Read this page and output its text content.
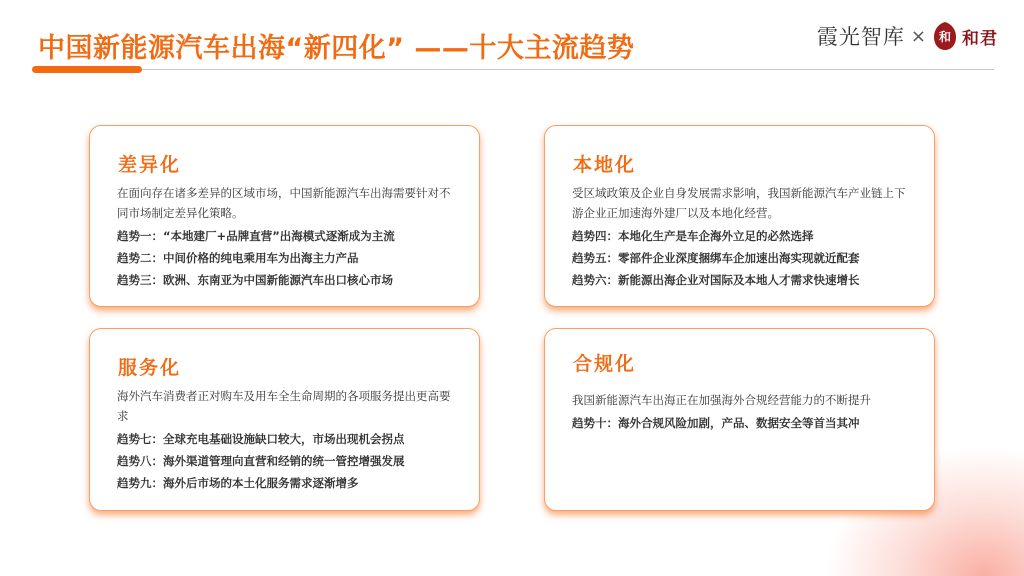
中国新能源汽车出海“新四化” ——十大主流趋势	霞光智库 × 和 和君
差异化

在面向存在诸多差异的区域市场，中国新能源汽车出海需要针对不同市场制定差异化策略。

趋势一：“本地建厂+品牌直营”出海模式逐渐成为主流

趋势二：中间价格的纯电乘用车为出海主力产品

趋势三：欧洲、东南亚为中国新能源汽车出口核心市场

本地化

受区域政策及企业自身发展需求影响，我国新能源汽车产业链上下游企业正加速海外建厂以及本地化经营。

趋势四：本地化生产是车企海外立足的必然选择

趋势五：零部件企业深度捆绑车企加速出海实现就近配套

趋势六：新能源出海企业对国际及本地人才需求快速增长

服务化

海外汽车消费者正对购车及用车全生命周期的各项服务提出更高要求

趋势七：全球充电基础设施缺口较大，市场出现机会拐点

趋势八：海外渠道管理向直营和经销的统一管控增强发展

趋势九：海外后市场的本土化服务需求逐渐增多

合规化

我国新能源汽车出海正在加强海外合规经营能力的不断提升

趋势十：海外合规风险加剧，产品、数据安全等首当其冲
